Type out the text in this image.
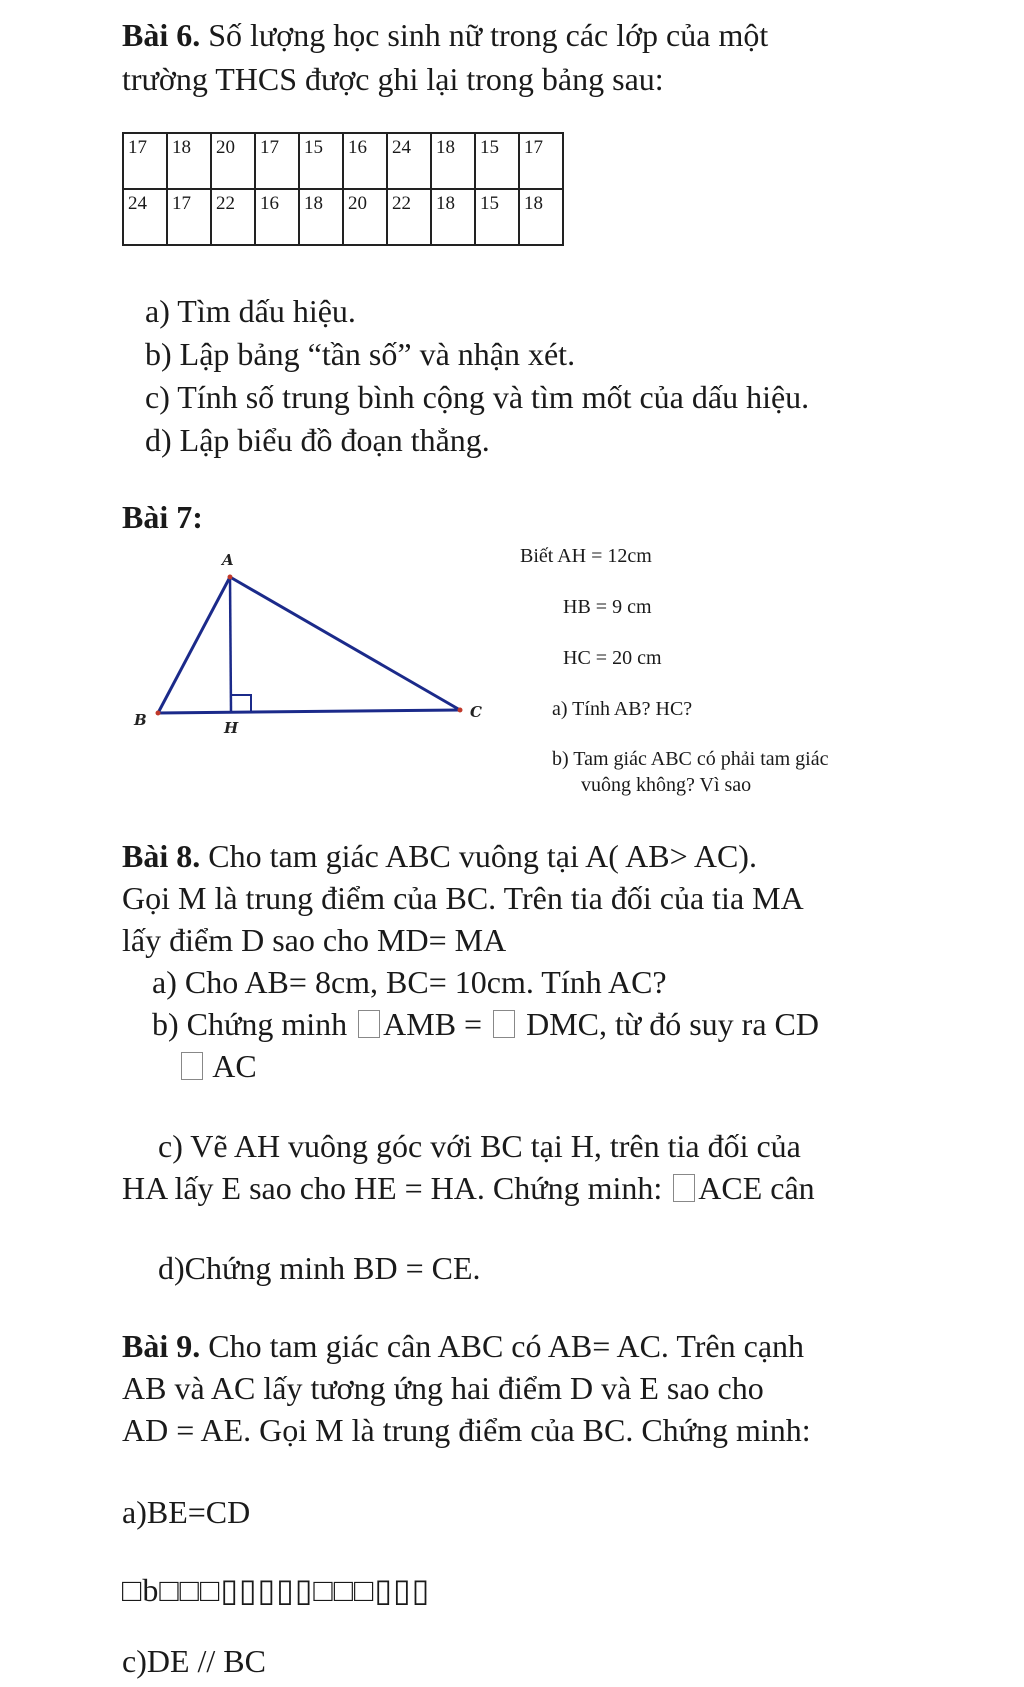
Bài 6. Số lượng học sinh nữ trong các lớp của một
trường THCS được ghi lại trong bảng sau:
17	18	20	17	15	16	24	18	15	17
24	17	22	16	18	20	22	18	15	18
a) Tìm dấu hiệu.
b) Lập bảng “tần số” và nhận xét.
c) Tính số trung bình cộng và tìm mốt của dấu hiệu.
d) Lập biểu đồ đoạn thẳng.
Bài 7:
A
B	H
C
Biết AH = 12cm
HB = 9 cm
HC = 20 cm
a) Tính AB? HC?
b) Tam giác ABC có phải tam giác
vuông không? Vì sao
Bài 8. Cho tam giác ABC vuông tại A( AB> AC).
Gọi M là trung điểm của BC. Trên tia đối của tia MA
lấy điểm D sao cho MD= MA
a) Cho AB= 8cm, BC= 10cm. Tính AC?
b) Chứng minh AMB =  DMC, từ đó suy ra CD
AC
c) Vẽ AH vuông góc với BC tại H, trên tia đối của
HA lấy E sao cho HE = HA. Chứng minh: ACE cân
d)Chứng minh BD = CE.
Bài 9. Cho tam giác cân ABC có AB= AC. Trên cạnh
AB và AC lấy tương ứng hai điểm D và E sao cho
AD = AE. Gọi M là trung điểm của BC. Chứng minh:
a)BE=CD
□b□□□▯▯▯▯▯□□□▯▯▯
c)DE // BC
